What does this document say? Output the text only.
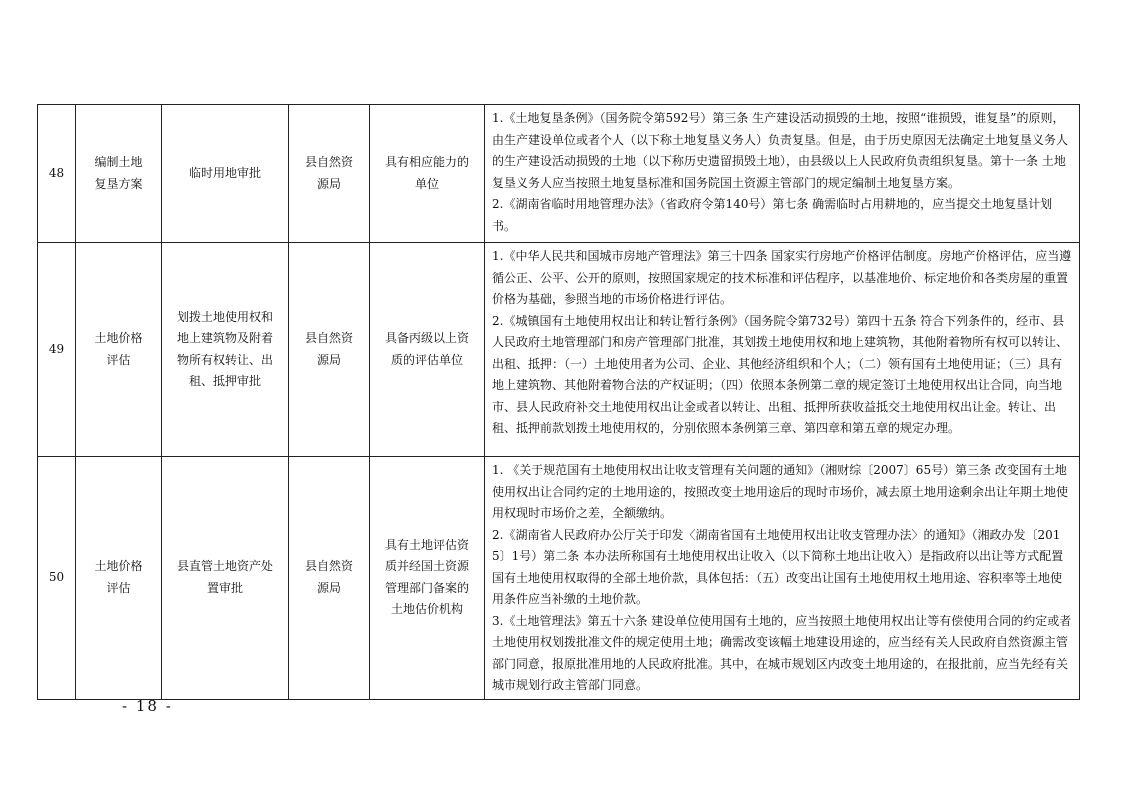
48	编制土地复垦方案	临时用地审批	县自然资源局	具有相应能力的单位	1.《土地复垦条例》（国务院令第592号）第三条 生产建设活动损毁的土地，按照“谁损毁，谁复垦”的原则，由生产建设单位或者个人（以下称土地复垦义务人）负责复垦。但是，由于历史原因无法确定土地复垦义务人的生产建设活动损毁的土地（以下称历史遗留损毁土地），由县级以上人民政府负责组织复垦。第十一条 土地复垦义务人应当按照土地复垦标准和国务院国土资源主管部门的规定编制土地复垦方案。

2.《湖南省临时用地管理办法》（省政府令第140号）第七条 确需临时占用耕地的，应当提交土地复垦计划书。

49	土地价格评估	划拨土地使用权和地上建筑物及附着物所有权转让、出租、抵押审批	县自然资源局	具备丙级以上资质的评估单位	1.《中华人民共和国城市房地产管理法》第三十四条 国家实行房地产价格评估制度。房地产价格评估，应当遵循公正、公平、公开的原则，按照国家规定的技术标准和评估程序，以基准地价、标定地价和各类房屋的重置价格为基础，参照当地的市场价格进行评估。

2.《城镇国有土地使用权出让和转让暂行条例》（国务院令第732号）第四十五条 符合下列条件的，经市、县人民政府土地管理部门和房产管理部门批准，其划拨土地使用权和地上建筑物，其他附着物所有权可以转让、出租、抵押：（一）土地使用者为公司、企业、其他经济组织和个人；（二）领有国有土地使用证；（三）具有地上建筑物、其他附着物合法的产权证明；（四）依照本条例第二章的规定签订土地使用权出让合同，向当地市、县人民政府补交土地使用权出让金或者以转让、出租、抵押所获收益抵交土地使用权出让金。转让、出租、抵押前款划拨土地使用权的，分别依照本条例第三章、第四章和第五章的规定办理。

50	土地价格评估	县直管土地资产处置审批	县自然资源局	具有土地评估资质并经国土资源管理部门备案的土地估价机构	1. 《关于规范国有土地使用权出让收支管理有关问题的通知》（湘财综〔2007〕65号）第三条 改变国有土地使用权出让合同约定的土地用途的，按照改变土地用途后的现时市场价，减去原土地用途剩余出让年期土地使用权现时市场价之差，全额缴纳。

2.《湖南省人民政府办公厅关于印发〈湖南省国有土地使用权出让收支管理办法〉的通知》（湘政办发〔2015〕1号）第二条 本办法所称国有土地使用权出让收入（以下简称土地出让收入）是指政府以出让等方式配置国有土地使用权取得的全部土地价款，具体包括：（五）改变出让国有土地使用权土地用途、容积率等土地使用条件应当补缴的土地价款。

3.《土地管理法》第五十六条 建设单位使用国有土地的，应当按照土地使用权出让等有偿使用合同的约定或者土地使用权划拨批准文件的规定使用土地；确需改变该幅土地建设用途的，应当经有关人民政府自然资源主管部门同意，报原批准用地的人民政府批准。其中，在城市规划区内改变土地用途的，在报批前，应当先经有关城市规划行政主管部门同意。

- 18 -
